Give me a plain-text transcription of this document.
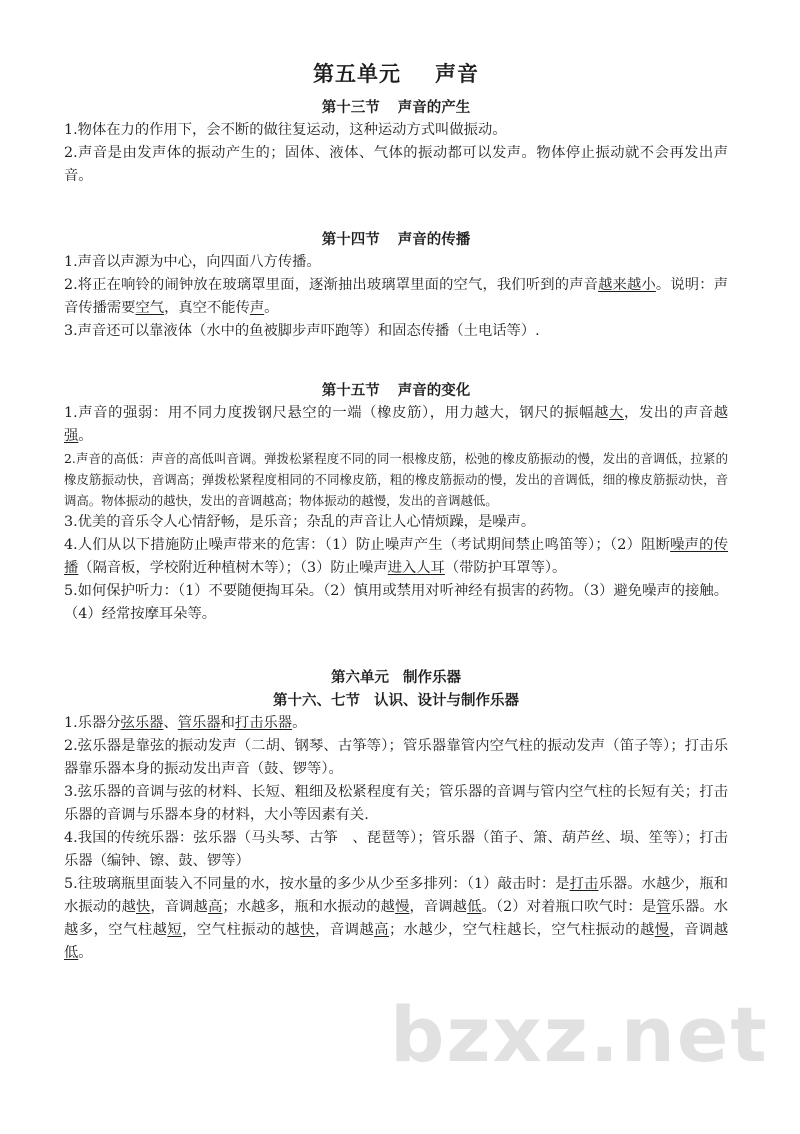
第五单元 声音
第十三节 声音的产生

1.物体在力的作用下，会不断的做往复运动，这种运动方式叫做振动。

2.声音是由发声体的振动产生的；固体、液体、气体的振动都可以发声。物体停止振动就不会再发出声音。

第十四节 声音的传播

1.声音以声源为中心，向四面八方传播。

2.将正在响铃的闹钟放在玻璃罩里面，逐渐抽出玻璃罩里面的空气，我们听到的声音越来越小。说明：声音传播需要空气，真空不能传声。

3.声音还可以靠液体（水中的鱼被脚步声吓跑等）和固态传播（土电话等）.

第十五节 声音的变化

1.声音的强弱：用不同力度拨钢尺悬空的一端（橡皮筋），用力越大，钢尺的振幅越大，发出的声音越强。

2.声音的高低：声音的高低叫音调。弹拨松紧程度不同的同一根橡皮筋，松弛的橡皮筋振动的慢，发出的音调低，拉紧的橡皮筋振动快，音调高；弹拨松紧程度相同的不同橡皮筋，粗的橡皮筋振动的慢，发出的音调低，细的橡皮筋振动快，音调高。物体振动的越快，发出的音调越高；物体振动的越慢，发出的音调越低。

3.优美的音乐令人心情舒畅，是乐音；杂乱的声音让人心情烦躁，是噪声。

4.人们从以下措施防止噪声带来的危害：（1）防止噪声产生（考试期间禁止鸣笛等）；（2）阻断噪声的传播（隔音板，学校附近种植树木等）；（3）防止噪声进入人耳（带防护耳罩等）。

5.如何保护听力：（1）不要随便掏耳朵。（2）慎用或禁用对听神经有损害的药物。（3）避免噪声的接触。（4）经常按摩耳朵等。

第六单元 制作乐器
第十六、七节 认识、设计与制作乐器

1.乐器分弦乐器、管乐器和打击乐器。

2.弦乐器是靠弦的振动发声（二胡、钢琴、古筝等）；管乐器靠管内空气柱的振动发声（笛子等）；打击乐器靠乐器本身的振动发出声音（鼓、锣等）。

3.弦乐器的音调与弦的材料、长短、粗细及松紧程度有关；管乐器的音调与管内空气柱的长短有关；打击乐器的音调与乐器本身的材料，大小等因素有关.

4.我国的传统乐器：弦乐器（马头琴、古筝　、琵琶等）；管乐器（笛子、箫、葫芦丝、埙、笙等）；打击乐器（编钟、镲、鼓、锣等）

5.往玻璃瓶里面装入不同量的水，按水量的多少从少至多排列：（1）敲击时：是打击乐器。水越少，瓶和水振动的越快，音调越高；水越多，瓶和水振动的越慢，音调越低。（2）对着瓶口吹气时：是管乐器。水越多，空气柱越短，空气柱振动的越快，音调越高；水越少，空气柱越长，空气柱振动的越慢，音调越低。

bzxz.net
